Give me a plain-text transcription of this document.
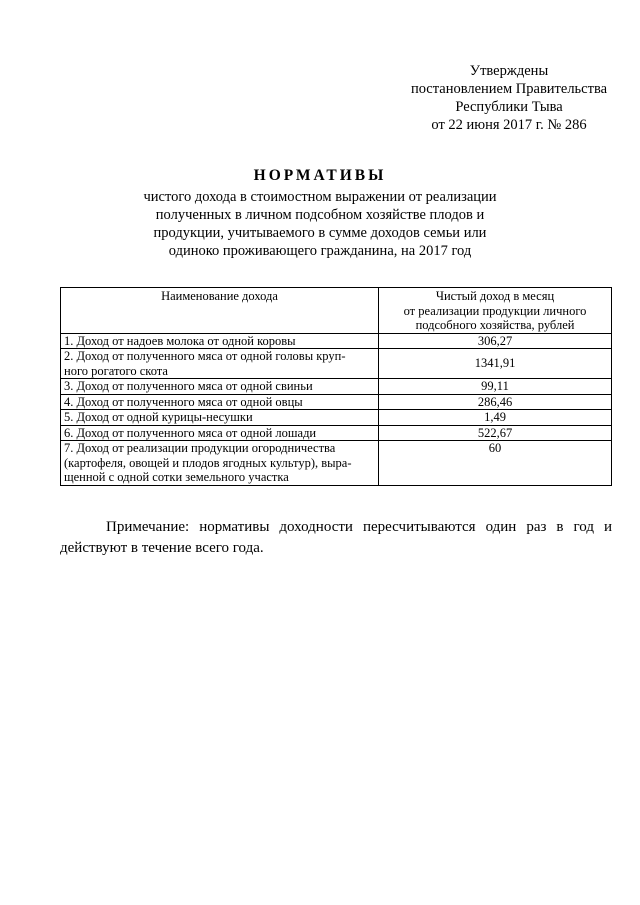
Утверждены
постановлением Правительства
Республики Тыва
от 22 июня 2017 г. № 286
НОРМАТИВЫ
чистого дохода в стоимостном выражении от реализации
полученных в личном подсобном хозяйстве плодов и
продукции, учитываемого в сумме доходов семьи или
одиноко проживающего гражданина, на 2017 год
Наименование дохода	Чистый доход в месяц
от реализации продукции личного
подсобного хозяйства, рублей

1. Доход от надоев молока от одной коровы	306,27

2. Доход от полученного мяса от одной головы круп-
ного рогатого скота	1341,91

3. Доход от полученного мяса от одной свиньи	99,11

4. Доход от полученного мяса от одной овцы	286,46

5. Доход от одной курицы-несушки	1,49

6. Доход от полученного мяса от одной лошади	522,67

7. Доход от реализации продукции огородничества
(картофеля, овощей и плодов ягодных культур), выра-
щенной с одной сотки земельного участка	60
Примечание: нормативы доходности пересчитываются один раз в год и действуют в течение всего года.
